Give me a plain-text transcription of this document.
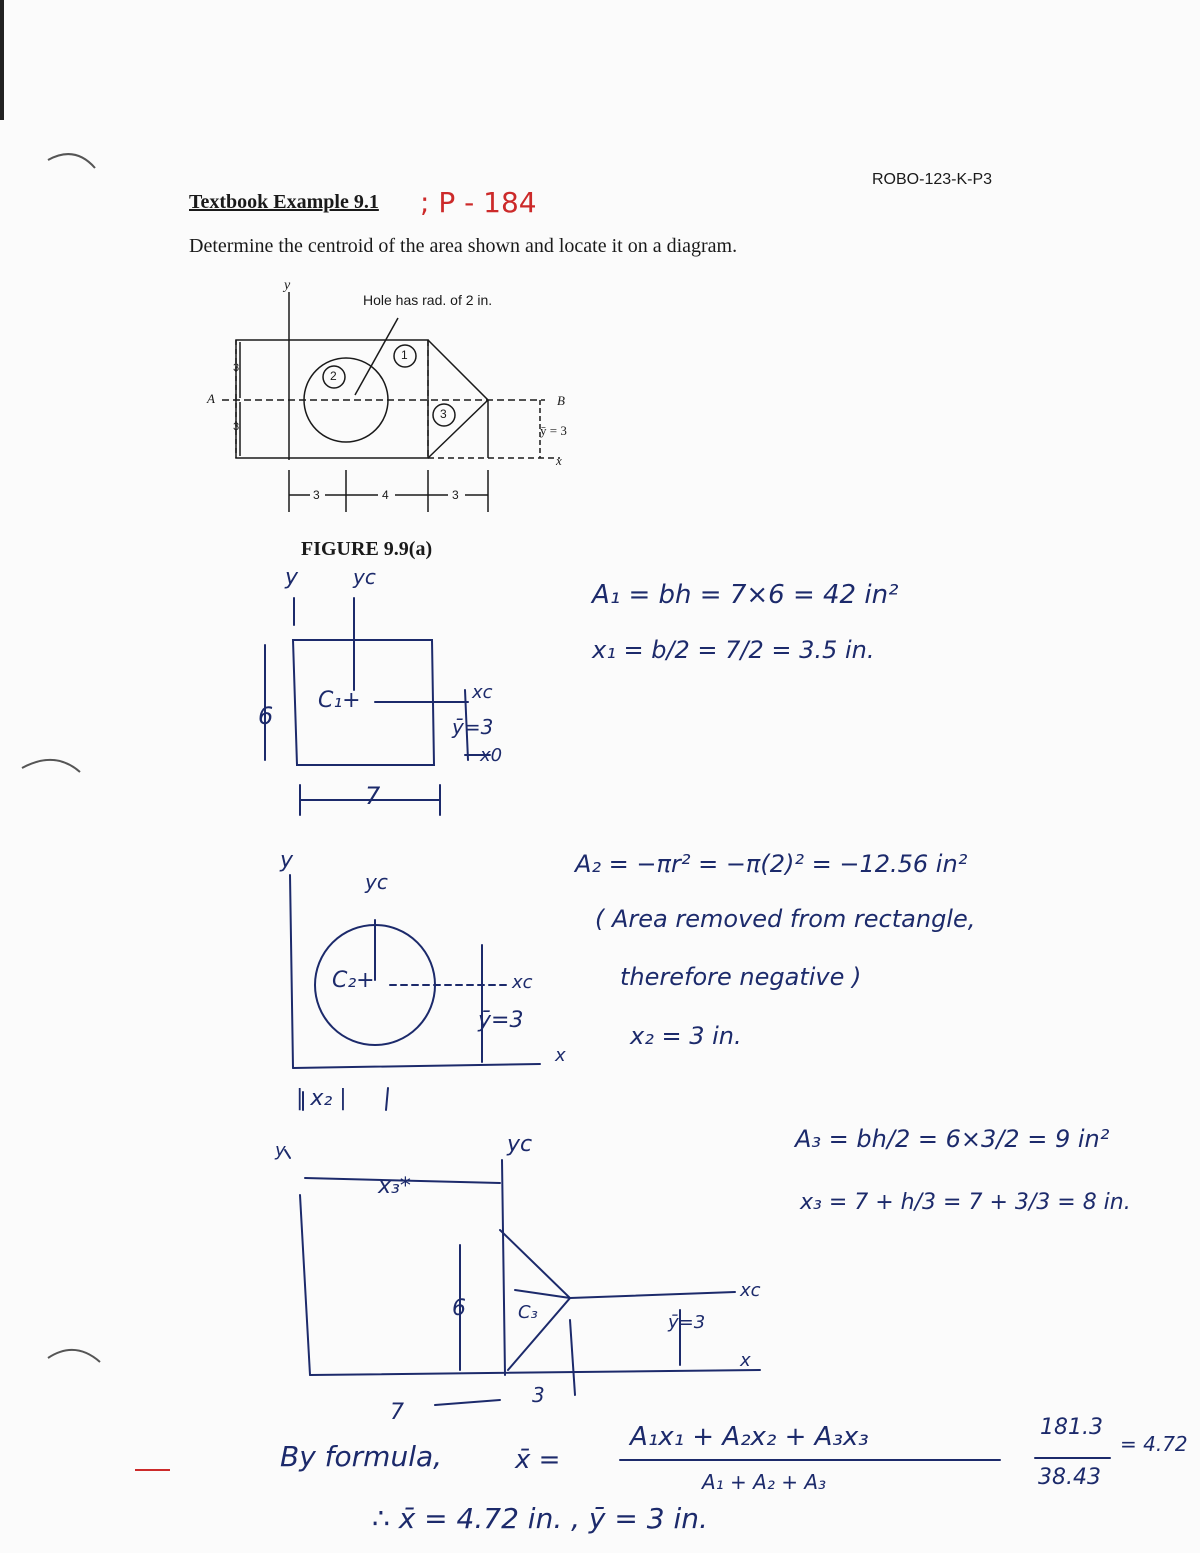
ROBO-123-K-P3
Textbook Example 9.1 ; P - 184
Determine the centroid of the area shown and locate it on a diagram.
y
Hole has rad. of 2 in.
A	B
ȳ = 3
x
3
3
3	4	3
1
2
3
FIGURE 9.9(a)
y	yc
C₁+
6
7
xc
ȳ=3
x0
A₁ = bh = 7×6 = 42 in²
x₁ = b/2 = 7/2 = 3.5 in.
y
yc
C₂+	xc
ȳ=3
x
| x₂ |
A₂ = −πr² = −π(2)² = −12.56 in²
( Area removed from rectangle,
therefore negative )
x₂ = 3 in.
y	yc
x₃*
6	C₃
xc
ȳ=3
x
7
3
A₃ = bh/2 = 6×3/2 = 9 in²
x₃ = 7 + h/3 = 7 + 3/3 = 8 in.
By formula,	x̄ =
A₁x₁ + A₂x₂ + A₃x₃
A₁ + A₂ + A₃
181.3
38.43
= 4.72
∴ x̄ = 4.72 in. , ȳ = 3 in.
